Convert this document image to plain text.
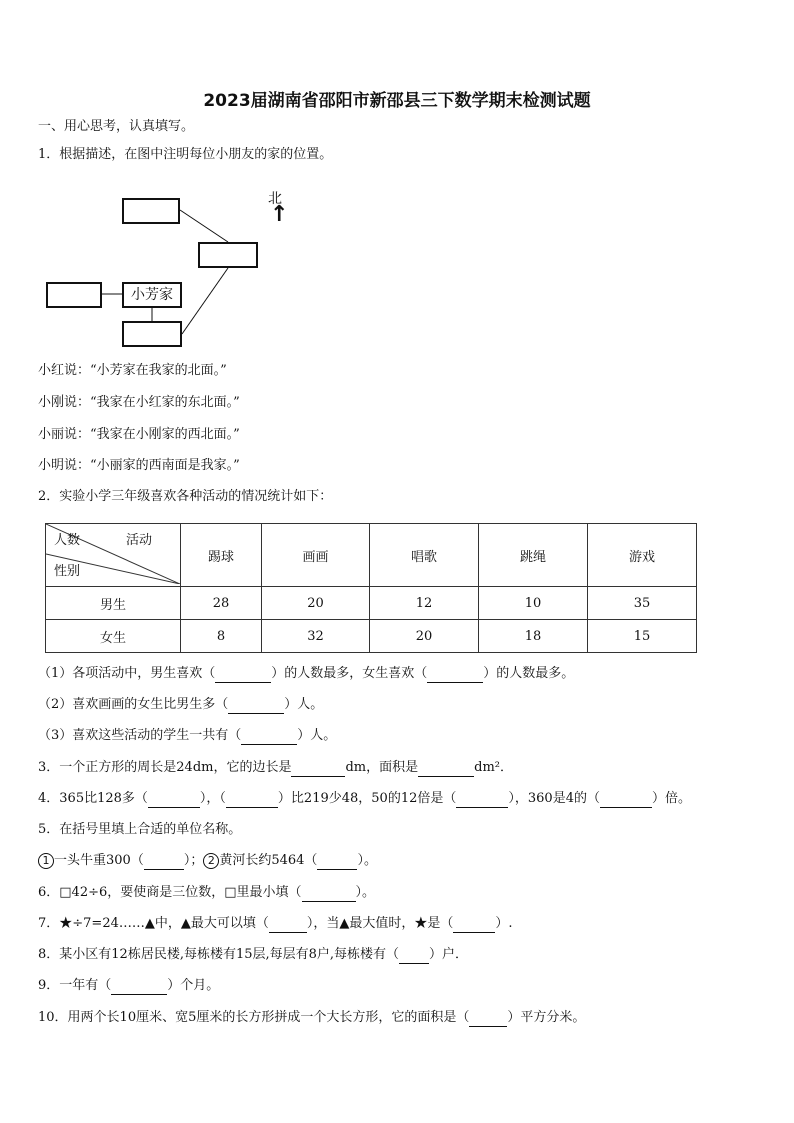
2023届湖南省邵阳市新邵县三下数学期末检测试题
一、用心思考，认真填写。
1．根据描述，在图中注明每位小朋友的家的位置。
小芳家
北
↑
小红说：“小芳家在我家的北面。”
小刚说：“我家在小红家的东北面。”
小丽说：“我家在小刚家的西北面。”
小明说：“小丽家的西南面是我家。”
2．实验小学三年级喜欢各种活动的情况统计如下：
人数 活动
性别	踢球	画画	唱歌	跳绳	游戏
男生	28	20	12	10	35
女生	8	32	20	18	15
（1）各项活动中，男生喜欢（	）的人数最多，女生喜欢（	）的人数最多。
（2）喜欢画画的女生比男生多（	）人。
（3）喜欢这些活动的学生一共有（	）人。
3．一个正方形的周长是24dm，它的边长是	dm，面积是	dm²．
4．365比128多（	），（	）比219少48，50的12倍是（	），360是4的（	）倍。
5．在括号里填上合适的单位名称。
1 一头牛重300（	）； 2 黄河长约5464（	）。
6．□42÷6，要使商是三位数，□里最小填（	）。
7．★÷7=24……▲中，▲最大可以填（	），当▲最大值时，★是（	）.
8．某小区有12栋居民楼,每栋楼有15层,每层有8户,每栋楼有（ ）户．
9．一年有（	）个月。
10．用两个长10厘米、宽5厘米的长方形拼成一个大长方形，它的面积是（	）平方分米。
